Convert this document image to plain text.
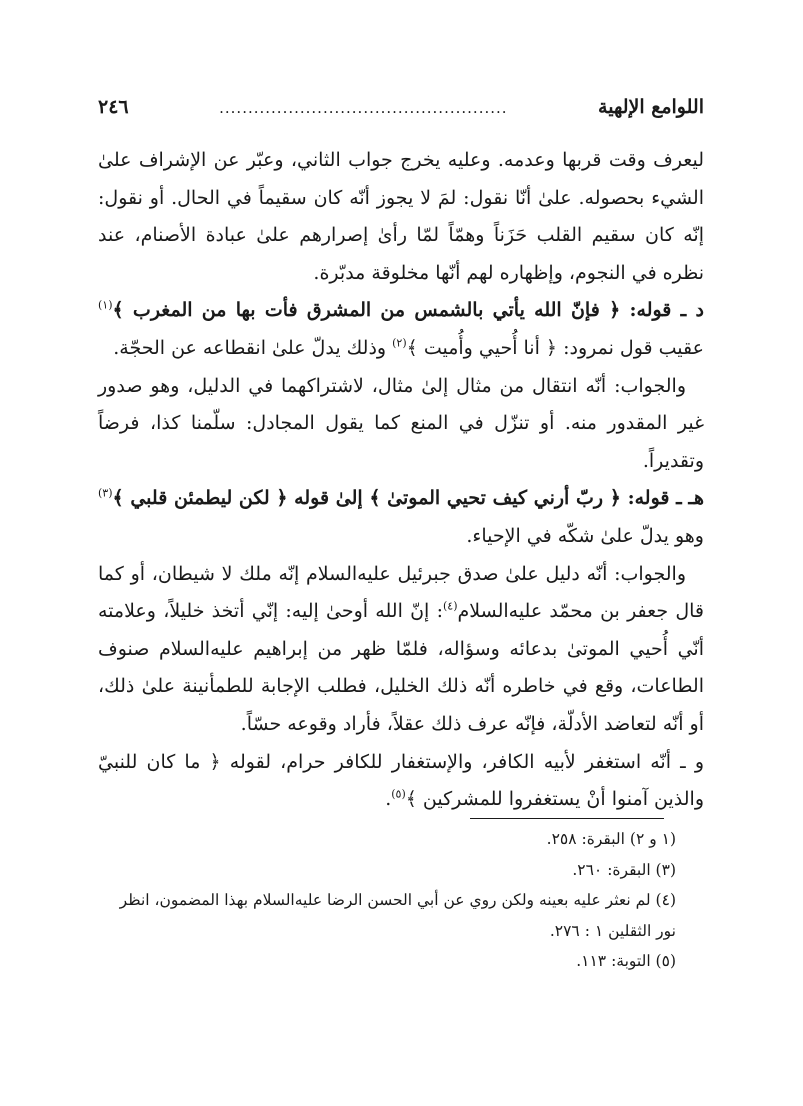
٢٤٦	..................................................	اللوامع الإلهية

ليعرف وقت قربها وعدمه. وعليه يخرج جواب الثاني، وعبّر عن الإشراف علىٰ الشيء بحصوله. علىٰ أنّا نقول: لمَ لا يجوز أنّه كان سقيماً في الحال. أو نقول: إنّه كان سقيم القلب حَزَناً وهمّاً لمّا رأىٰ إصرارهم علىٰ عبادة الأصنام، عند نظره في النجوم، وإظهاره لهم أنّها مخلوقة مدبّرة.

د ـ قوله: ﴿ فإنّ الله يأتي بالشمس من المشرق فأت بها من المغرب ﴾$^{(١)}$ عقيب قول نمرود: ﴿ أنا أُحيي وأُميت ﴾$^{(٢)}$ وذلك يدلّ علىٰ انقطاعه عن الحجّة.

والجواب: أنّه انتقال من مثال إلىٰ مثال، لاشتراكهما في الدليل، وهو صدور غير المقدور منه. أو تنزّل في المنع كما يقول المجادل: سلّمنا كذا، فرضاً وتقديراً.

هـ ـ قوله: ﴿ ربّ أرني كيف تحيي الموتىٰ ﴾ إلىٰ قوله ﴿ لكن ليطمئن قلبي ﴾$^{(٣)}$ وهو يدلّ علىٰ شكّه في الإحياء.

والجواب: أنّه دليل علىٰ صدق جبرئيل عليه‌السلام إنّه ملك لا شيطان، أو كما قال جعفر بن محمّد عليه‌السلام$^{(٤)}$: إنّ الله أوحىٰ إليه: إنّي أتخذ خليلاً، وعلامته أنّي أُحيي الموتىٰ بدعائه وسؤاله، فلمّا ظهر من إبراهيم عليه‌السلام صنوف الطاعات، وقع في خاطره أنّه ذلك الخليل، فطلب الإجابة للطمأنينة علىٰ ذلك، أو أنّه لتعاضد الأدلّة، فإنّه عرف ذلك عقلاً، فأراد وقوعه حسّاً.

و ـ أنّه استغفر لأبيه الكافر، والإستغفار للكافر حرام، لقوله ﴿ ما كان للنبيّ والذين آمنوا أنْ يستغفروا للمشركين ﴾$^{(٥)}$.

(١ و ٢) البقرة: ٢٥٨.
(٣) البقرة: ٢٦٠.
(٤) لم نعثر عليه بعينه ولكن روي عن أبي الحسن الرضا عليه‌السلام بهذا المضمون، انظر نور الثقلين ١ : ٢٧٦.
(٥) التوبة: ١١٣.
